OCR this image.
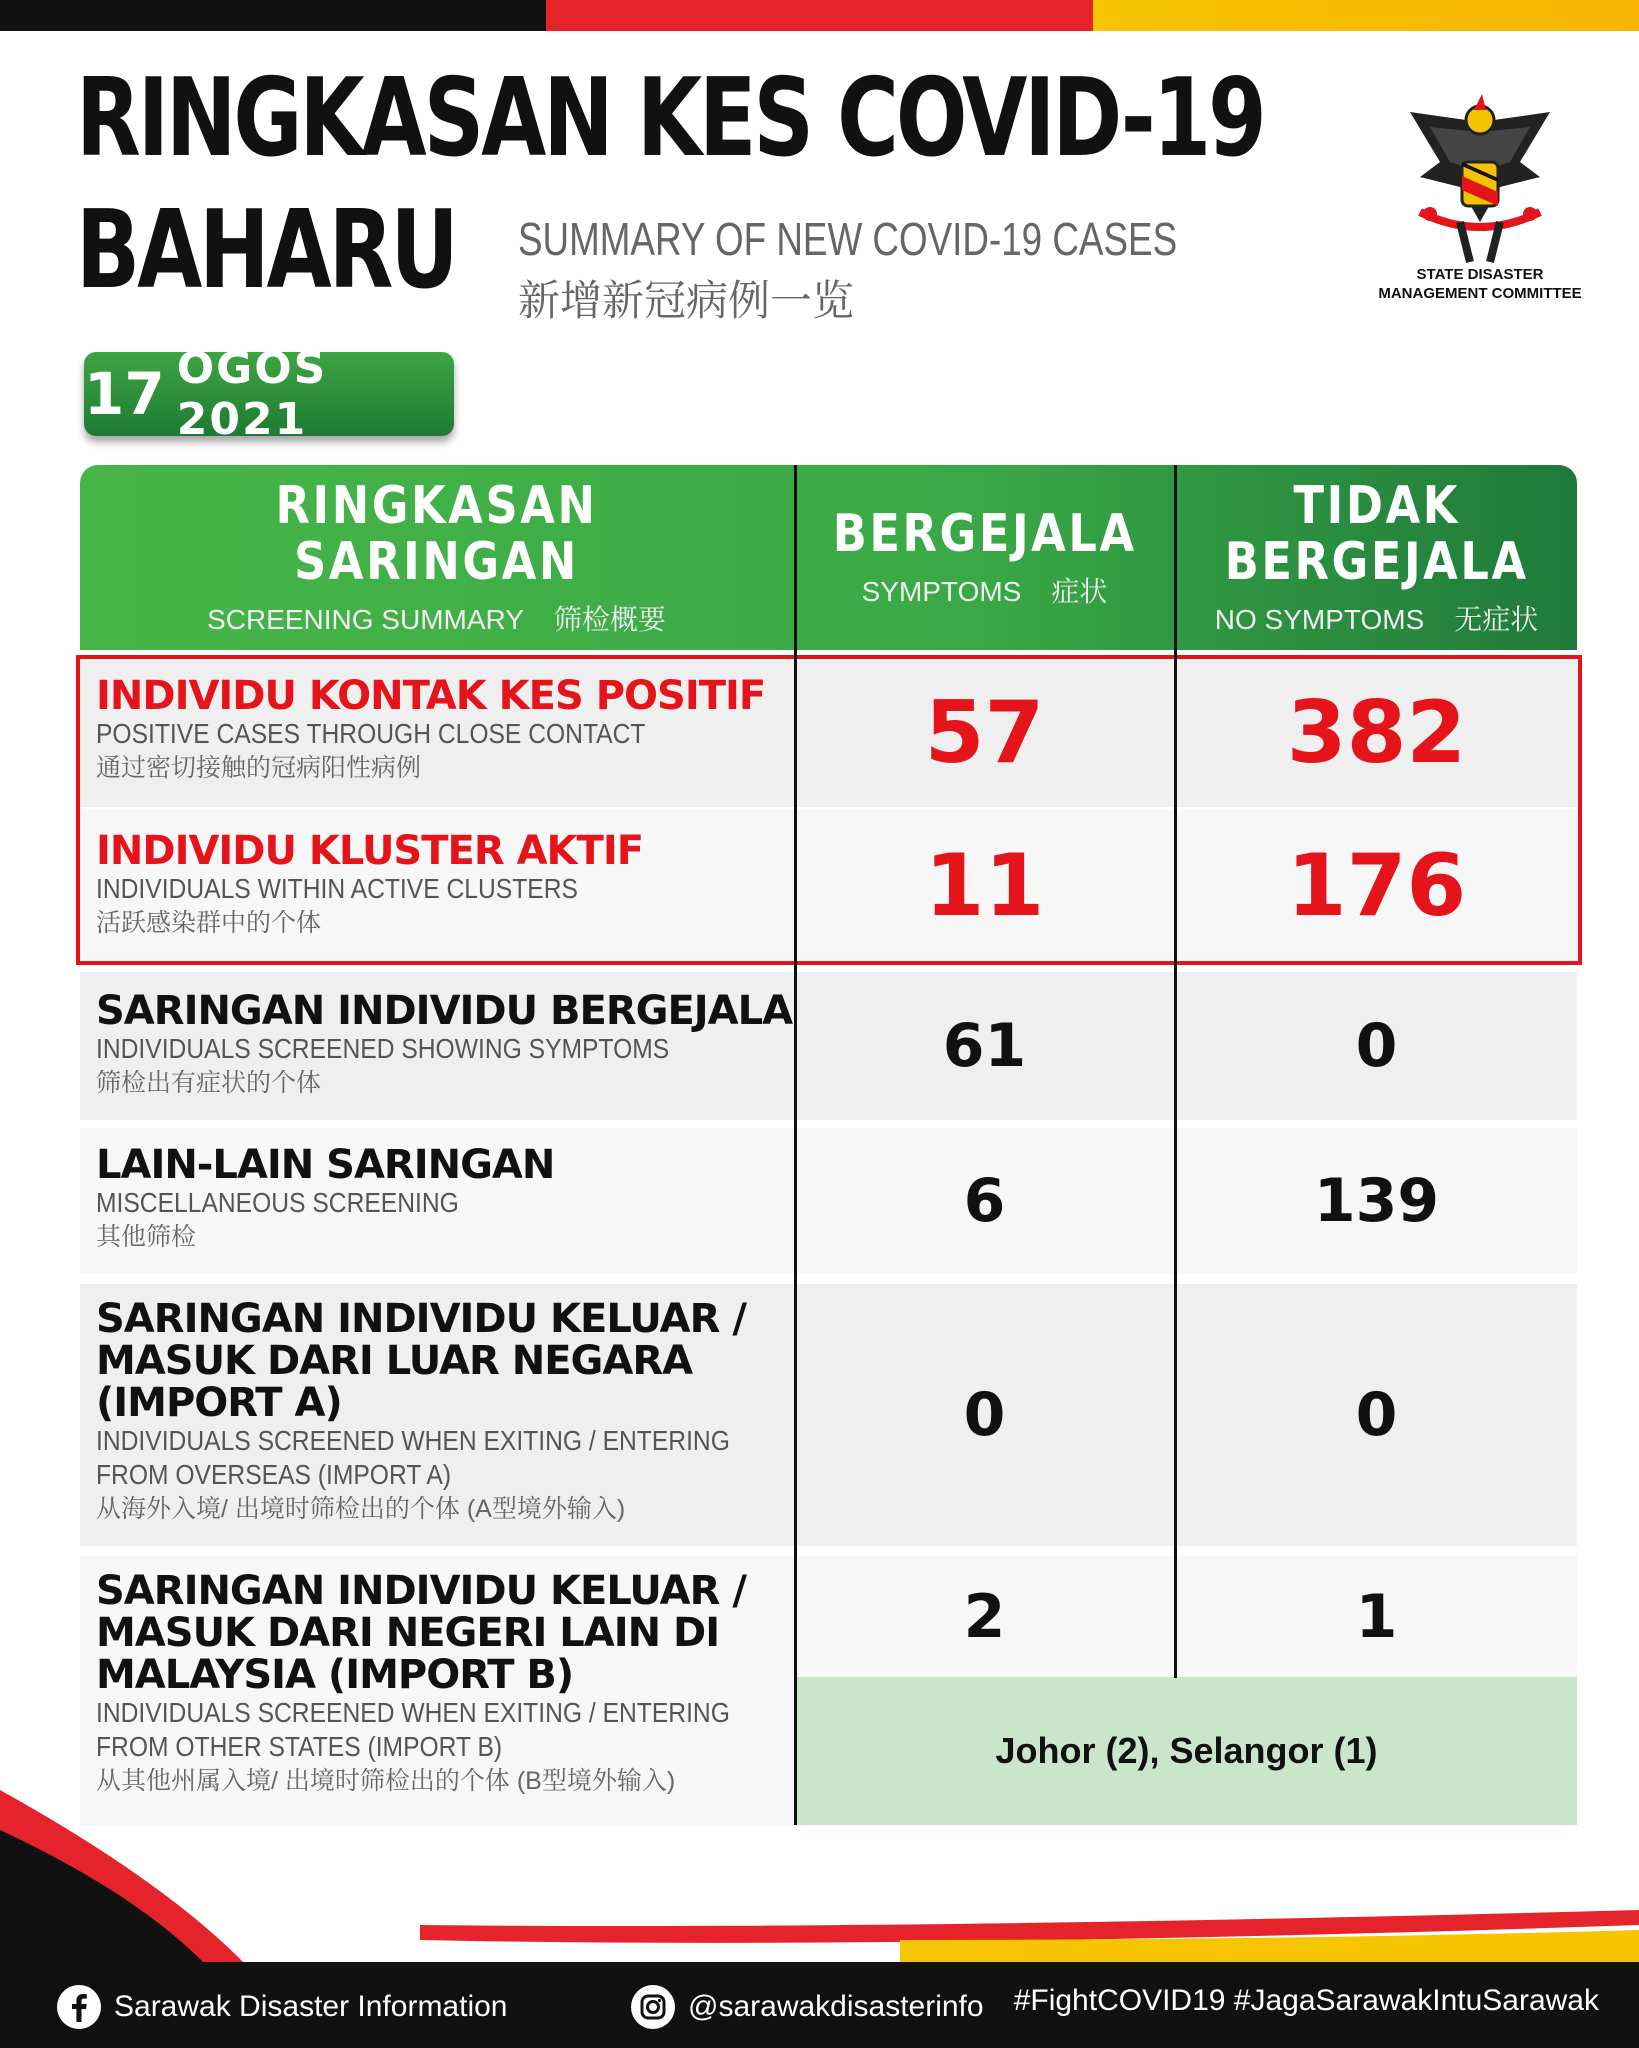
RINGKASAN KES COVID-19
BAHARU SUMMARY OF NEW COVID-19 CASES
新增新冠病例一览
STATE DISASTER
MANAGEMENT COMMITTEE
17 OGOS 2021
RINGKASAN SARINGAN
SCREENING SUMMARY 筛检概要
BERGEJALA
SYMPTOMS 症状
TIDAK
BERGEJALA
NO SYMPTOMS 无症状
INDIVIDU KONTAK KES POSITIF
POSITIVE CASES THROUGH CLOSE CONTACT
通过密切接触的冠病阳性病例	57	382
INDIVIDU KLUSTER AKTIF
INDIVIDUALS WITHIN ACTIVE CLUSTERS
活跃感染群中的个体	11	176
SARINGAN INDIVIDU BERGEJALA
INDIVIDUALS SCREENED SHOWING SYMPTOMS
筛检出有症状的个体
61	0
LAIN-LAIN SARINGAN
MISCELLANEOUS SCREENING
其他筛检
6	139
SARINGAN INDIVIDU KELUAR /
MASUK DARI LUAR NEGARA
(IMPORT A)
INDIVIDUALS SCREENED WHEN EXITING / ENTERING
FROM OVERSEAS (IMPORT A)
从海外入境/ 出境时筛检出的个体 (A型境外输入)
0	0
SARINGAN INDIVIDU KELUAR /
MASUK DARI NEGERI LAIN DI
MALAYSIA (IMPORT B)
INDIVIDUALS SCREENED WHEN EXITING / ENTERING
FROM OTHER STATES (IMPORT B)
从其他州属入境/ 出境时筛检出的个体 (B型境外输入)
2	1
Johor (2), Selangor (1)
Sarawak Disaster Information	@sarawakdisasterinfo #FightCOVID19 #JagaSarawakIntuSarawak
